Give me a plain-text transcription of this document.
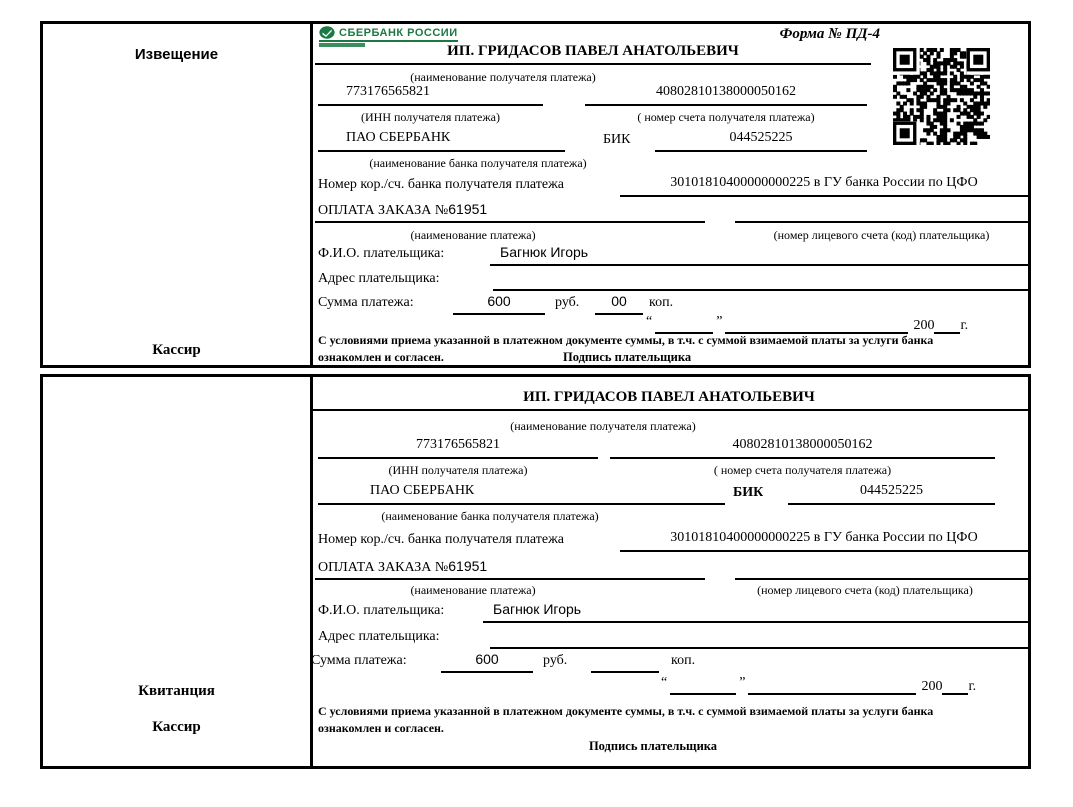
Извещение
Кассир
СБЕРБАНК РОССИИ	Форма № ПД-4
ИП. ГРИДАСОВ ПАВЕЛ АНАТОЛЬЕВИЧ
(наименование получателя платежа)
773176565821	40802810138000050162
(ИНН получателя платежа)	( номер счета получателя платежа)
ПАО СБЕРБАНК	БИК	044525225
(наименование банка получателя платежа)
Номер кор./сч. банка получателя платежа	30101810400000000225 в ГУ банка России по ЦФО
ОПЛАТА ЗАКАЗА №61951
(наименование платежа)	(номер лицевого счета (код) плательщика)
Ф.И.О. плательщика:	Багнюк Игорь
Адрес плательщика:
Сумма платежа:	600	руб.	00	коп.
“	”	200 г.
С условиями приема указанной в платежном документе суммы, в т.ч. с суммой взимаемой платы за услуги банка
ознакомлен и согласен.	Подпись плательщика
Квитанция
Кассир
ИП. ГРИДАСОВ ПАВЕЛ АНАТОЛЬЕВИЧ
(наименование получателя платежа)
773176565821	40802810138000050162
(ИНН получателя платежа)	( номер счета получателя платежа)
ПАО СБЕРБАНК	БИК	044525225
(наименование банка получателя платежа)
Номер кор./сч. банка получателя платежа	30101810400000000225 в ГУ банка России по ЦФО
ОПЛАТА ЗАКАЗА №61951
(наименование платежа)	(номер лицевого счета (код) плательщика)
Ф.И.О. плательщика:	Багнюк Игорь
Адрес плательщика:
Сумма платежа:	600	руб.	коп.
“	”	200 г.
С условиями приема указанной в платежном документе суммы, в т.ч. с суммой взимаемой платы за услуги банка
ознакомлен и согласен.
Подпись плательщика
